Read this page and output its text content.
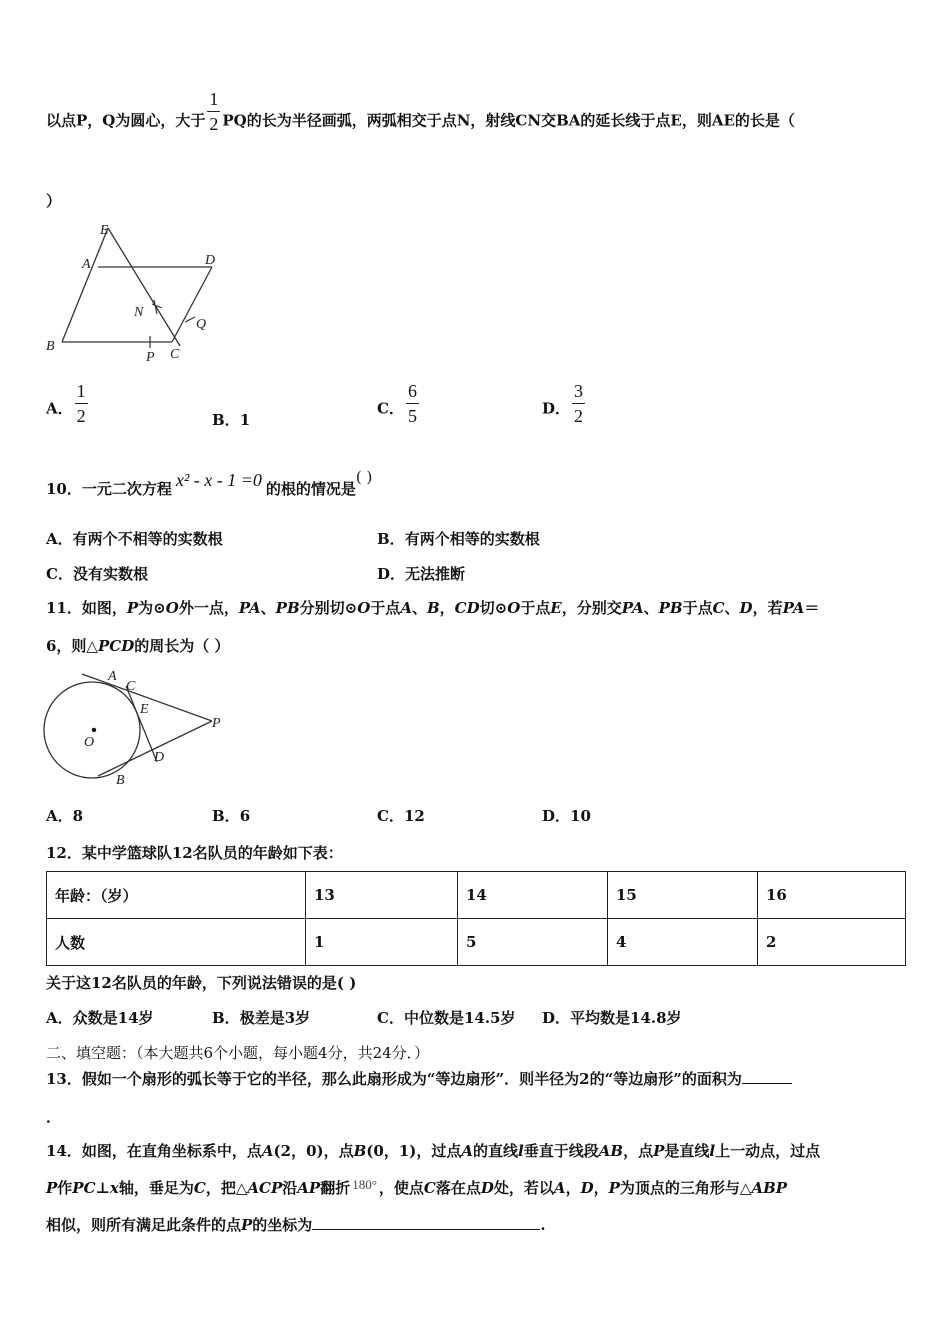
以点P，Q为圆心，大于 $\frac{1}{2}$ PQ的长为半径画弧，两弧相交于点N，射线CN交BA的延长线于点E，则AE的长是（
）
E
A	D
N
Q
B
P C
A． $\frac{1}{2}$	B．1
C． $\frac{6}{5}$	D． $\frac{3}{2}$
10．一元二次方程 x² - x - 1 =0 的根的情况是( )
A．有两个不相等的实数根	B．有两个相等的实数根
C．没有实数根	D．无法推断
11．如图，P为⊙O外一点，PA、PB分别切⊙O于点A、B，CD切⊙O于点E，分别交PA、PB于点C、D，若PA＝
6，则△PCD的周长为（ ）
A
C
E
P
O
D
B
A．8	B．6	C．12	D．10
12．某中学篮球队12名队员的年龄如下表：
年龄：（岁）	13	14	15	16
人数	1	5	4	2
关于这12名队员的年龄，下列说法错误的是( )
A．众数是14岁	B．极差是3岁	C．中位数是14.5岁 D．平均数是14.8岁
二、填空题：（本大题共6个小题，每小题4分，共24分．）
13．假如一个扇形的弧长等于它的半径，那么此扇形成为“等边扇形”．则半径为2的“等边扇形”的面积为
．
14．如图，在直角坐标系中，点A(2，0)，点B(0，1)，过点A的直线l垂直于线段AB，点P是直线l上一动点，过点
P作PC⊥x轴，垂足为C，把△ACP沿AP翻折 180° ，使点C落在点D处，若以A，D，P为顶点的三角形与△ABP
相似，则所有满足此条件的点P的坐标为	.
